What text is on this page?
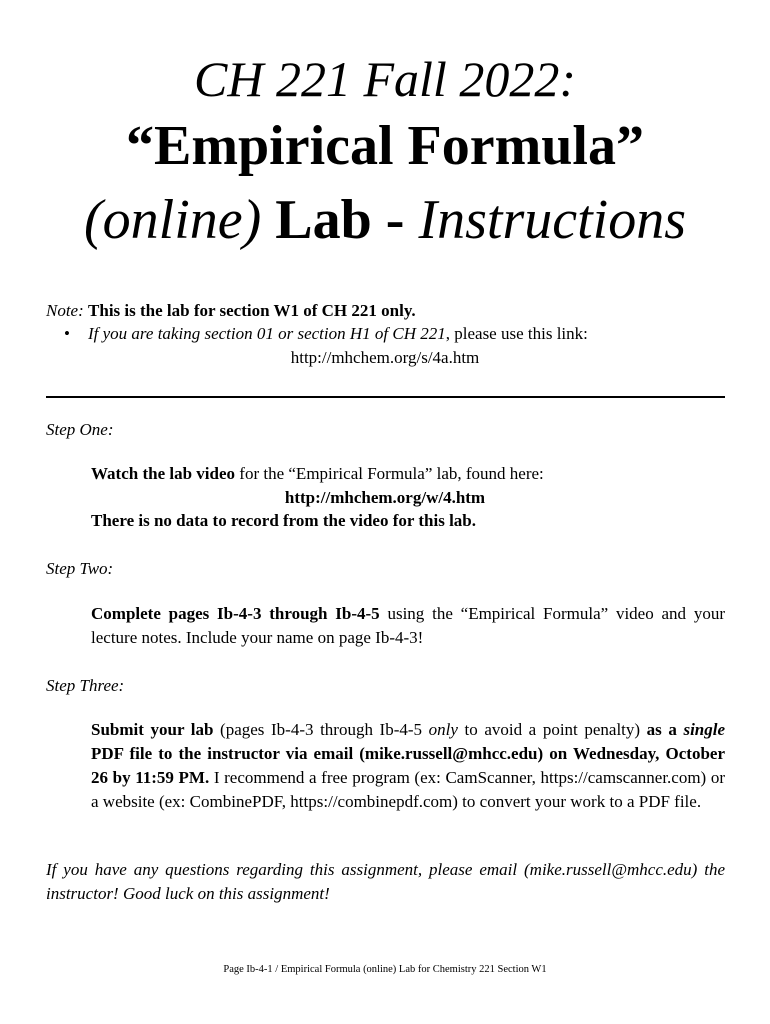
CH 221 Fall 2022:
“Empirical Formula”
(online) Lab - Instructions
Note: This is the lab for section W1 of CH 221 only.
• If you are taking section 01 or section H1 of CH 221, please use this link:
http://mhchem.org/s/4a.htm
Step One:
Watch the lab video for the “Empirical Formula” lab, found here:
http://mhchem.org/w/4.htm
There is no data to record from the video for this lab.
Step Two:
Complete pages Ib-4-3 through Ib-4-5 using the “Empirical Formula” video and your lecture notes. Include your name on page Ib-4-3!
Step Three:
Submit your lab (pages Ib-4-3 through Ib-4-5 only to avoid a point penalty) as a single PDF file to the instructor via email (mike.russell@mhcc.edu) on Wednesday, October 26 by 11:59 PM. I recommend a free program (ex: CamScanner, https://camscanner.com) or a website (ex: CombinePDF, https://combinepdf.com) to convert your work to a PDF file.
If you have any questions regarding this assignment, please email (mike.russell@mhcc.edu) the instructor! Good luck on this assignment!
Page Ib-4-1 / Empirical Formula (online) Lab for Chemistry 221 Section W1
